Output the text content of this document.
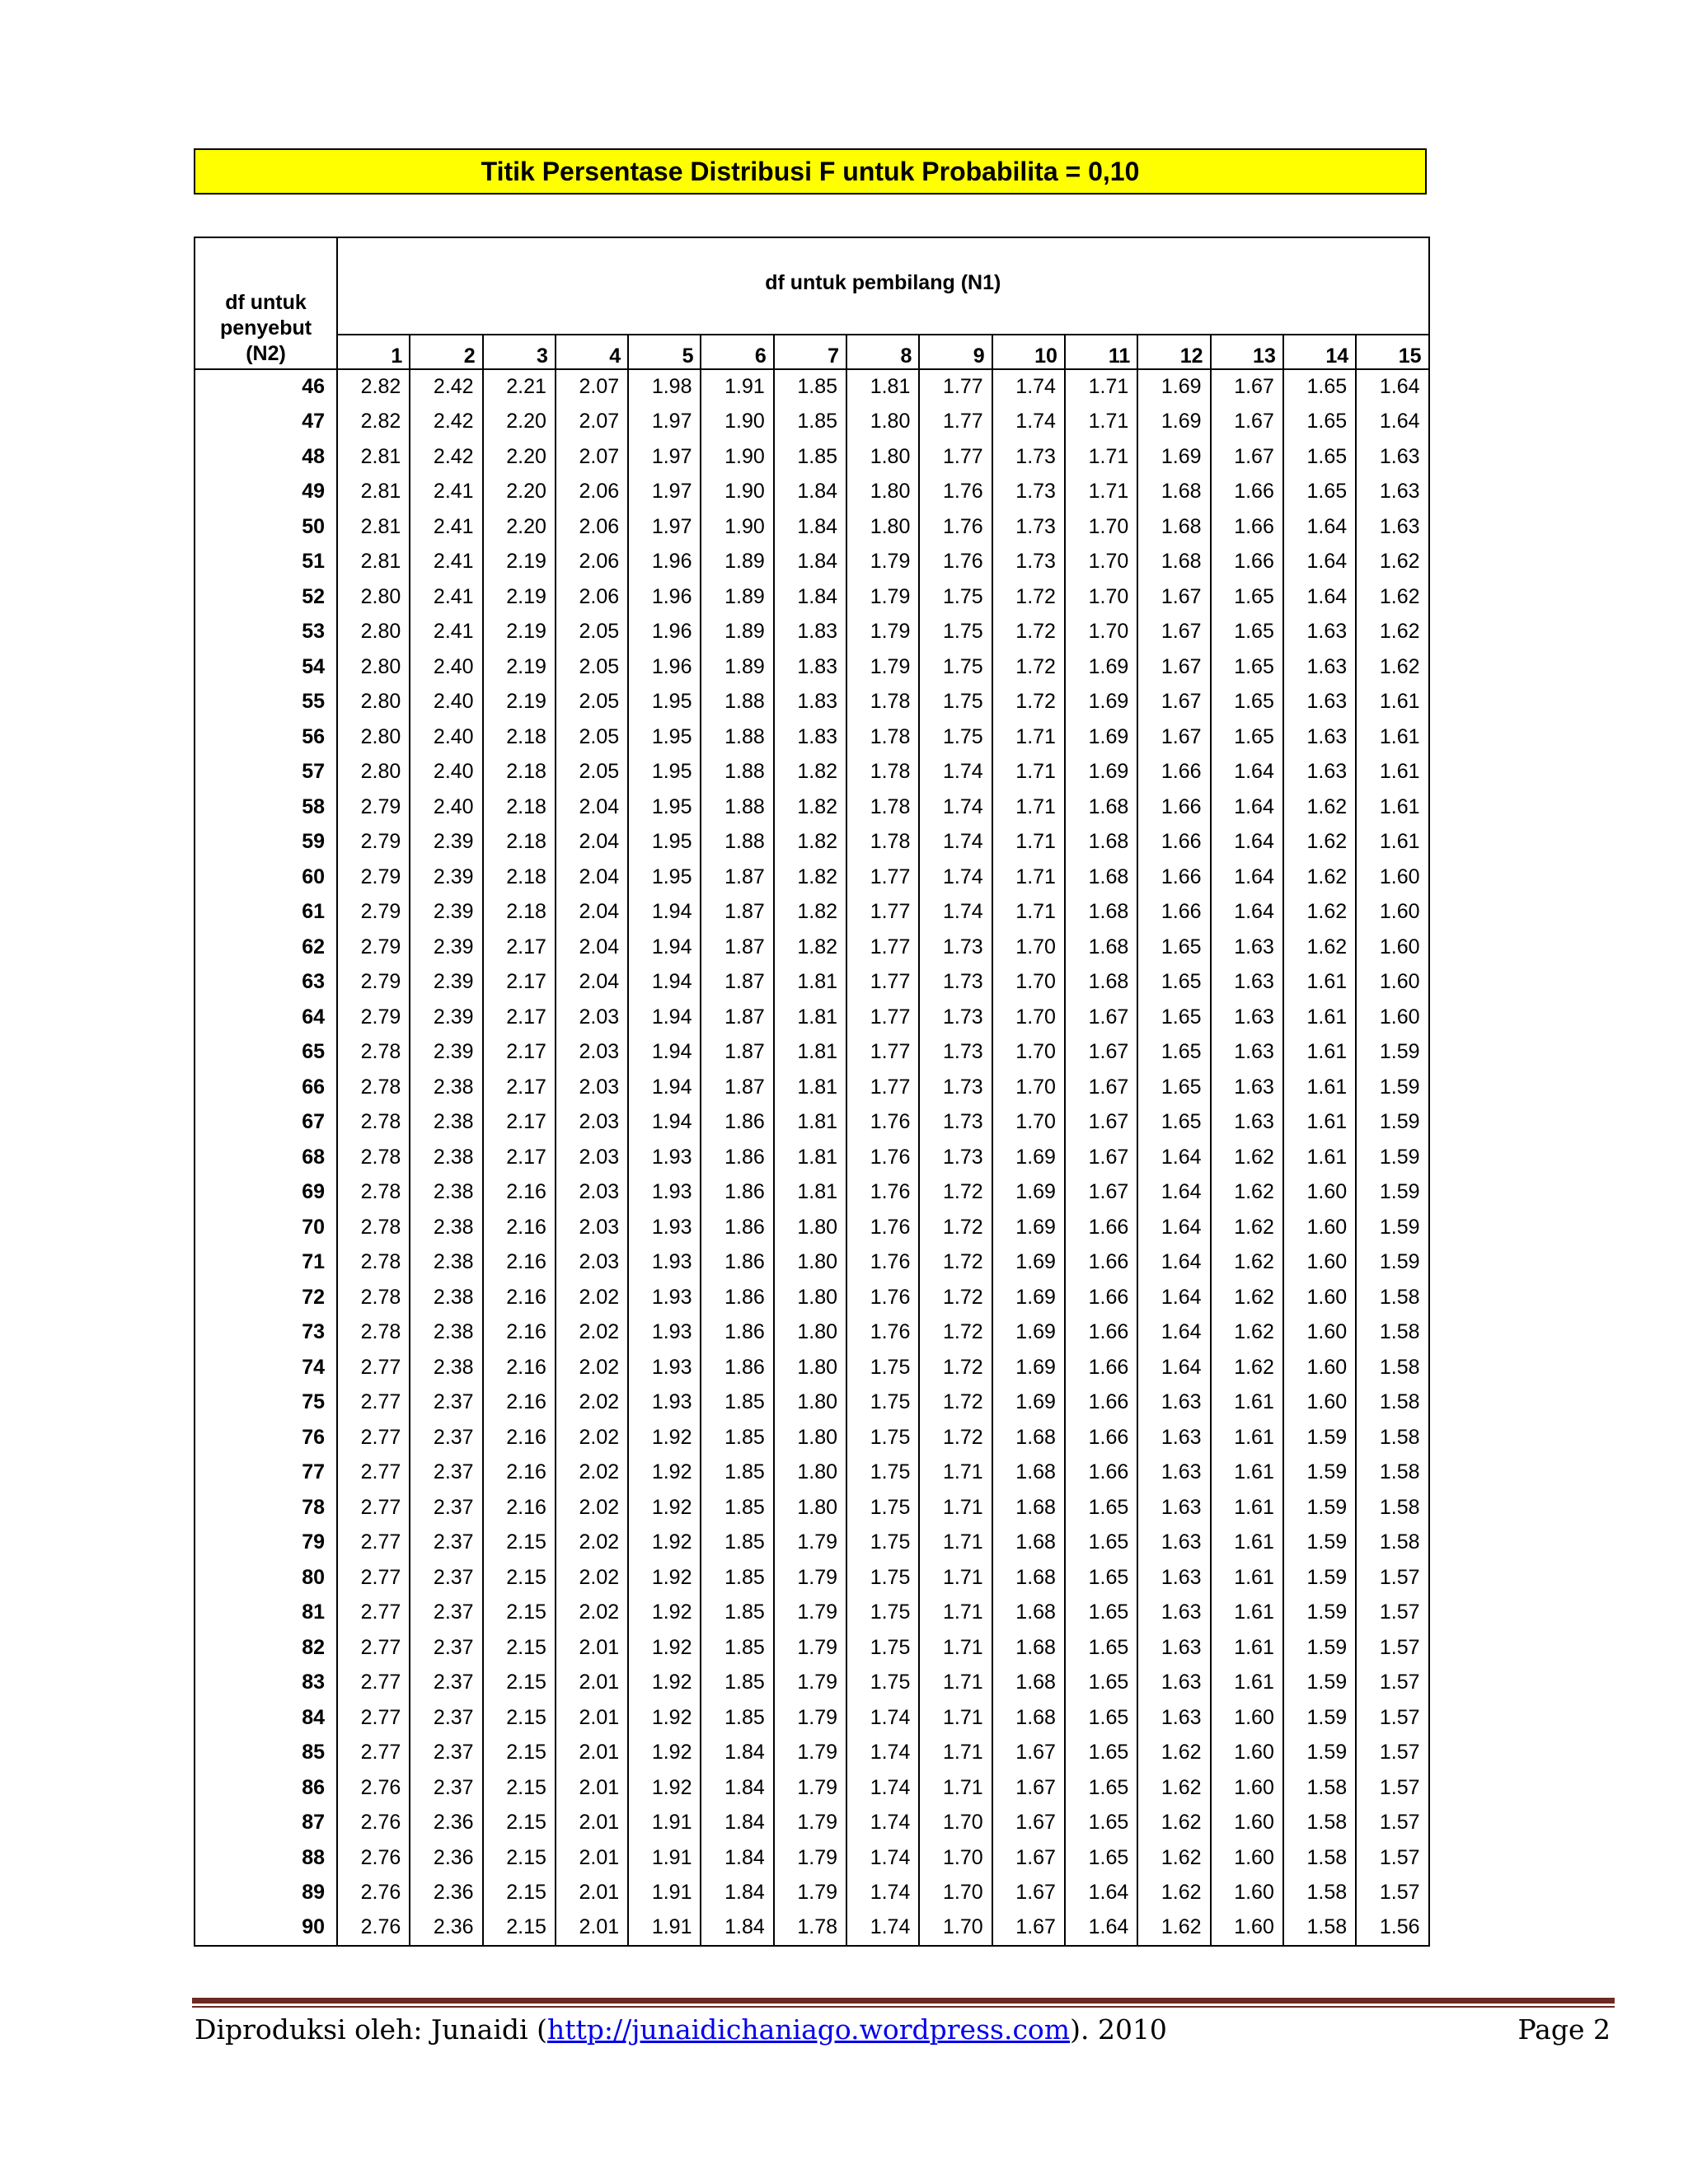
Titik Persentase Distribusi F untuk Probabilita = 0,10
df untuk
penyebut
(N2)	df untuk pembilang (N1)														
	1	2	3	4	5	6	7	8	9	10	11	12	13	14	15
46	2.82	2.42	2.21	2.07	1.98	1.91	1.85	1.81	1.77	1.74	1.71	1.69	1.67	1.65	1.64
47	2.82	2.42	2.20	2.07	1.97	1.90	1.85	1.80	1.77	1.74	1.71	1.69	1.67	1.65	1.64
48	2.81	2.42	2.20	2.07	1.97	1.90	1.85	1.80	1.77	1.73	1.71	1.69	1.67	1.65	1.63
49	2.81	2.41	2.20	2.06	1.97	1.90	1.84	1.80	1.76	1.73	1.71	1.68	1.66	1.65	1.63
50	2.81	2.41	2.20	2.06	1.97	1.90	1.84	1.80	1.76	1.73	1.70	1.68	1.66	1.64	1.63
51	2.81	2.41	2.19	2.06	1.96	1.89	1.84	1.79	1.76	1.73	1.70	1.68	1.66	1.64	1.62
52	2.80	2.41	2.19	2.06	1.96	1.89	1.84	1.79	1.75	1.72	1.70	1.67	1.65	1.64	1.62
53	2.80	2.41	2.19	2.05	1.96	1.89	1.83	1.79	1.75	1.72	1.70	1.67	1.65	1.63	1.62
54	2.80	2.40	2.19	2.05	1.96	1.89	1.83	1.79	1.75	1.72	1.69	1.67	1.65	1.63	1.62
55	2.80	2.40	2.19	2.05	1.95	1.88	1.83	1.78	1.75	1.72	1.69	1.67	1.65	1.63	1.61
56	2.80	2.40	2.18	2.05	1.95	1.88	1.83	1.78	1.75	1.71	1.69	1.67	1.65	1.63	1.61
57	2.80	2.40	2.18	2.05	1.95	1.88	1.82	1.78	1.74	1.71	1.69	1.66	1.64	1.63	1.61
58	2.79	2.40	2.18	2.04	1.95	1.88	1.82	1.78	1.74	1.71	1.68	1.66	1.64	1.62	1.61
59	2.79	2.39	2.18	2.04	1.95	1.88	1.82	1.78	1.74	1.71	1.68	1.66	1.64	1.62	1.61
60	2.79	2.39	2.18	2.04	1.95	1.87	1.82	1.77	1.74	1.71	1.68	1.66	1.64	1.62	1.60
61	2.79	2.39	2.18	2.04	1.94	1.87	1.82	1.77	1.74	1.71	1.68	1.66	1.64	1.62	1.60
62	2.79	2.39	2.17	2.04	1.94	1.87	1.82	1.77	1.73	1.70	1.68	1.65	1.63	1.62	1.60
63	2.79	2.39	2.17	2.04	1.94	1.87	1.81	1.77	1.73	1.70	1.68	1.65	1.63	1.61	1.60
64	2.79	2.39	2.17	2.03	1.94	1.87	1.81	1.77	1.73	1.70	1.67	1.65	1.63	1.61	1.60
65	2.78	2.39	2.17	2.03	1.94	1.87	1.81	1.77	1.73	1.70	1.67	1.65	1.63	1.61	1.59
66	2.78	2.38	2.17	2.03	1.94	1.87	1.81	1.77	1.73	1.70	1.67	1.65	1.63	1.61	1.59
67	2.78	2.38	2.17	2.03	1.94	1.86	1.81	1.76	1.73	1.70	1.67	1.65	1.63	1.61	1.59
68	2.78	2.38	2.17	2.03	1.93	1.86	1.81	1.76	1.73	1.69	1.67	1.64	1.62	1.61	1.59
69	2.78	2.38	2.16	2.03	1.93	1.86	1.81	1.76	1.72	1.69	1.67	1.64	1.62	1.60	1.59
70	2.78	2.38	2.16	2.03	1.93	1.86	1.80	1.76	1.72	1.69	1.66	1.64	1.62	1.60	1.59
71	2.78	2.38	2.16	2.03	1.93	1.86	1.80	1.76	1.72	1.69	1.66	1.64	1.62	1.60	1.59
72	2.78	2.38	2.16	2.02	1.93	1.86	1.80	1.76	1.72	1.69	1.66	1.64	1.62	1.60	1.58
73	2.78	2.38	2.16	2.02	1.93	1.86	1.80	1.76	1.72	1.69	1.66	1.64	1.62	1.60	1.58
74	2.77	2.38	2.16	2.02	1.93	1.86	1.80	1.75	1.72	1.69	1.66	1.64	1.62	1.60	1.58
75	2.77	2.37	2.16	2.02	1.93	1.85	1.80	1.75	1.72	1.69	1.66	1.63	1.61	1.60	1.58
76	2.77	2.37	2.16	2.02	1.92	1.85	1.80	1.75	1.72	1.68	1.66	1.63	1.61	1.59	1.58
77	2.77	2.37	2.16	2.02	1.92	1.85	1.80	1.75	1.71	1.68	1.66	1.63	1.61	1.59	1.58
78	2.77	2.37	2.16	2.02	1.92	1.85	1.80	1.75	1.71	1.68	1.65	1.63	1.61	1.59	1.58
79	2.77	2.37	2.15	2.02	1.92	1.85	1.79	1.75	1.71	1.68	1.65	1.63	1.61	1.59	1.58
80	2.77	2.37	2.15	2.02	1.92	1.85	1.79	1.75	1.71	1.68	1.65	1.63	1.61	1.59	1.57
81	2.77	2.37	2.15	2.02	1.92	1.85	1.79	1.75	1.71	1.68	1.65	1.63	1.61	1.59	1.57
82	2.77	2.37	2.15	2.01	1.92	1.85	1.79	1.75	1.71	1.68	1.65	1.63	1.61	1.59	1.57
83	2.77	2.37	2.15	2.01	1.92	1.85	1.79	1.75	1.71	1.68	1.65	1.63	1.61	1.59	1.57
84	2.77	2.37	2.15	2.01	1.92	1.85	1.79	1.74	1.71	1.68	1.65	1.63	1.60	1.59	1.57
85	2.77	2.37	2.15	2.01	1.92	1.84	1.79	1.74	1.71	1.67	1.65	1.62	1.60	1.59	1.57
86	2.76	2.37	2.15	2.01	1.92	1.84	1.79	1.74	1.71	1.67	1.65	1.62	1.60	1.58	1.57
87	2.76	2.36	2.15	2.01	1.91	1.84	1.79	1.74	1.70	1.67	1.65	1.62	1.60	1.58	1.57
88	2.76	2.36	2.15	2.01	1.91	1.84	1.79	1.74	1.70	1.67	1.65	1.62	1.60	1.58	1.57
89	2.76	2.36	2.15	2.01	1.91	1.84	1.79	1.74	1.70	1.67	1.64	1.62	1.60	1.58	1.57
90	2.76	2.36	2.15	2.01	1.91	1.84	1.78	1.74	1.70	1.67	1.64	1.62	1.60	1.58	1.56
Diproduksi oleh: Junaidi (http://junaidichaniago.wordpress.com). 2010	Page 2
